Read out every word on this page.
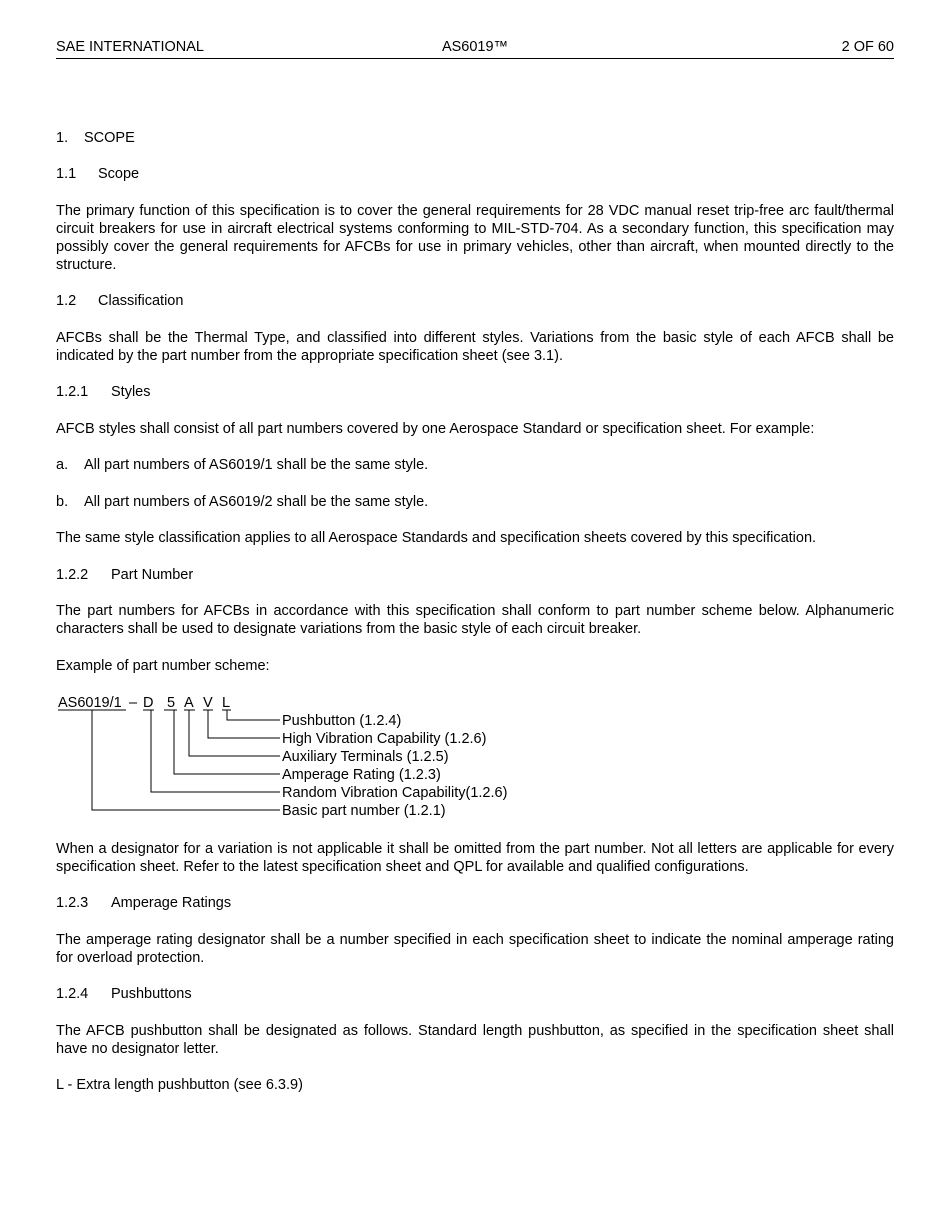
SAE INTERNATIONAL	AS6019™	2 OF 60
1. SCOPE
1.1 Scope
The primary function of this specification is to cover the general requirements for 28 VDC manual reset trip-free arc fault/thermal circuit breakers for use in aircraft electrical systems conforming to MIL-STD-704. As a secondary function, this specification may possibly cover the general requirements for AFCBs for use in primary vehicles, other than aircraft, when mounted directly to the structure.
1.2 Classification
AFCBs shall be the Thermal Type, and classified into different styles. Variations from the basic style of each AFCB shall be indicated by the part number from the appropriate specification sheet (see 3.1).
1.2.1 Styles
AFCB styles shall consist of all part numbers covered by one Aerospace Standard or specification sheet. For example:
a. All part numbers of AS6019/1 shall be the same style.
b. All part numbers of AS6019/2 shall be the same style.
The same style classification applies to all Aerospace Standards and specification sheets covered by this specification.
1.2.2 Part Number
The part numbers for AFCBs in accordance with this specification shall conform to part number scheme below. Alphanumeric characters shall be used to designate variations from the basic style of each circuit breaker.
Example of part number scheme:
AS6019/1 – D 5 A V L
Pushbutton (1.2.4)
High Vibration Capability (1.2.6)
Auxiliary Terminals (1.2.5)
Amperage Rating (1.2.3)
Random Vibration Capability(1.2.6)
Basic part number (1.2.1)
When a designator for a variation is not applicable it shall be omitted from the part number. Not all letters are applicable for every specification sheet. Refer to the latest specification sheet and QPL for available and qualified configurations.
1.2.3 Amperage Ratings
The amperage rating designator shall be a number specified in each specification sheet to indicate the nominal amperage rating for overload protection.
1.2.4 Pushbuttons
The AFCB pushbutton shall be designated as follows. Standard length pushbutton, as specified in the specification sheet shall have no designator letter.
L - Extra length pushbutton (see 6.3.9)
